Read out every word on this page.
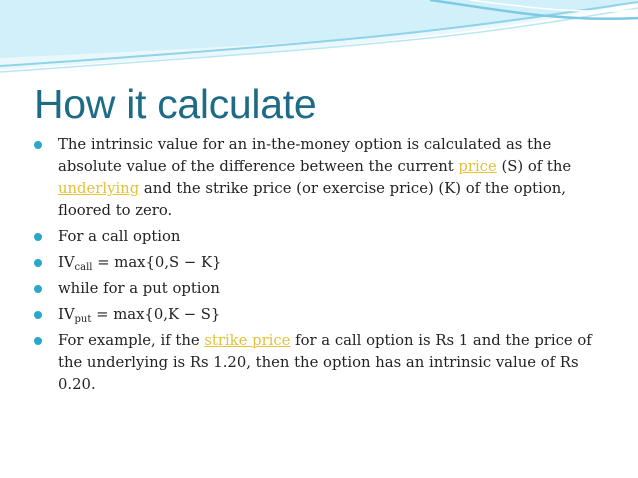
How it calculate
The intrinsic value for an in-the-money option is calculated as the absolute value of the difference between the current price (S) of the underlying and the strike price (or exercise price) (K) of the option, floored to zero.
For a call option
$IV_{call} = \max\{0,S - K\}$
while for a put option
$IV_{put} = \max\{0,K - S\}$
For example, if the strike price for a call option is Rs 1 and the price of the underlying is Rs 1.20, then the option has an intrinsic value of Rs 0.20.
